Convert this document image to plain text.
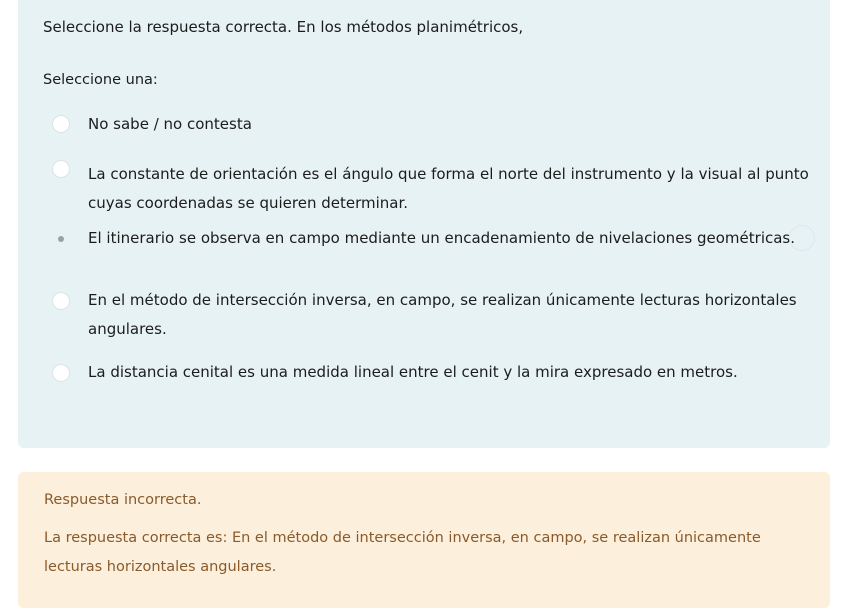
Seleccione la respuesta correcta. En los métodos planimétricos,
Seleccione una:
No sabe / no contesta
La constante de orientación es el ángulo que forma el norte del instrumento y la visual al punto cuyas coordenadas se quieren determinar.
El itinerario se observa en campo mediante un encadenamiento de nivelaciones geométricas.
En el método de intersección inversa, en campo, se realizan únicamente lecturas horizontales angulares.
La distancia cenital es una medida lineal entre el cenit y la mira expresado en metros.
Respuesta incorrecta.
La respuesta correcta es: En el método de intersección inversa, en campo, se realizan únicamente lecturas horizontales angulares.
